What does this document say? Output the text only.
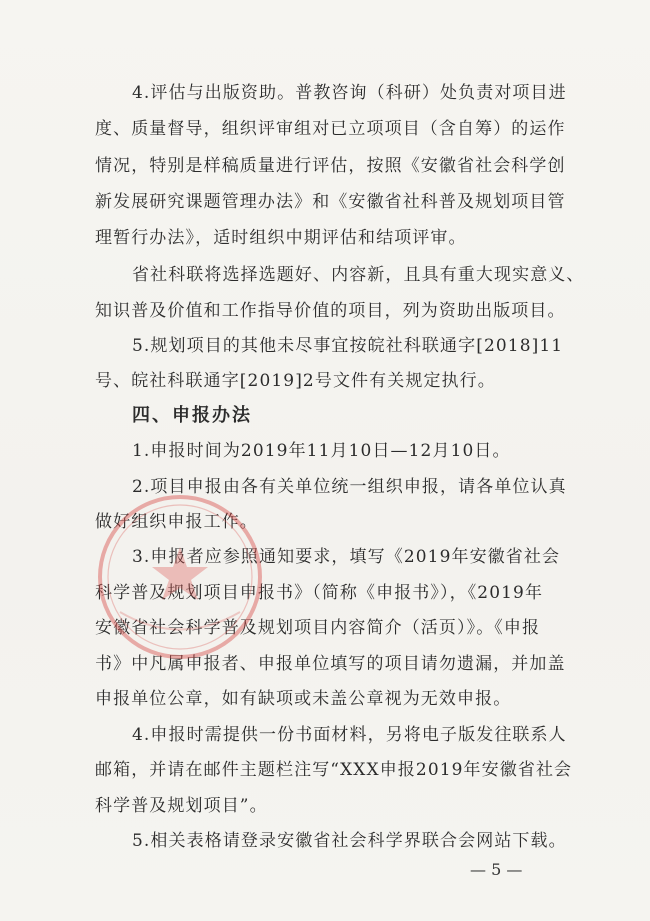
4.评估与出版资助。普教咨询（科研）处负责对项目进
度、质量督导，组织评审组对已立项项目（含自筹）的运作
情况，特别是样稿质量进行评估，按照《安徽省社会科学创
新发展研究课题管理办法》和《安徽省社科普及规划项目管
理暂行办法》，适时组织中期评估和结项评审。
省社科联将选择选题好、内容新，且具有重大现实意义、
知识普及价值和工作指导价值的项目，列为资助出版项目。
5.规划项目的其他未尽事宜按皖社科联通字[2018]11
号、皖社科联通字[2019]2号文件有关规定执行。
四、申报办法
1.申报时间为2019年11月10日—12月10日。
2.项目申报由各有关单位统一组织申报，请各单位认真
做好组织申报工作。
3.申报者应参照通知要求，填写《2019年安徽省社会
科学普及规划项目申报书》（简称《申报书》），《2019年
安徽省社会科学普及规划项目内容简介（活页）》。《申报
书》中凡属申报者、申报单位填写的项目请勿遗漏，并加盖
申报单位公章，如有缺项或未盖公章视为无效申报。
4.申报时需提供一份书面材料，另将电子版发往联系人
邮箱，并请在邮件主题栏注写“XXX申报2019年安徽省社会
科学普及规划项目”。
5.相关表格请登录安徽省社会科学界联合会网站下载。
— 5 —
